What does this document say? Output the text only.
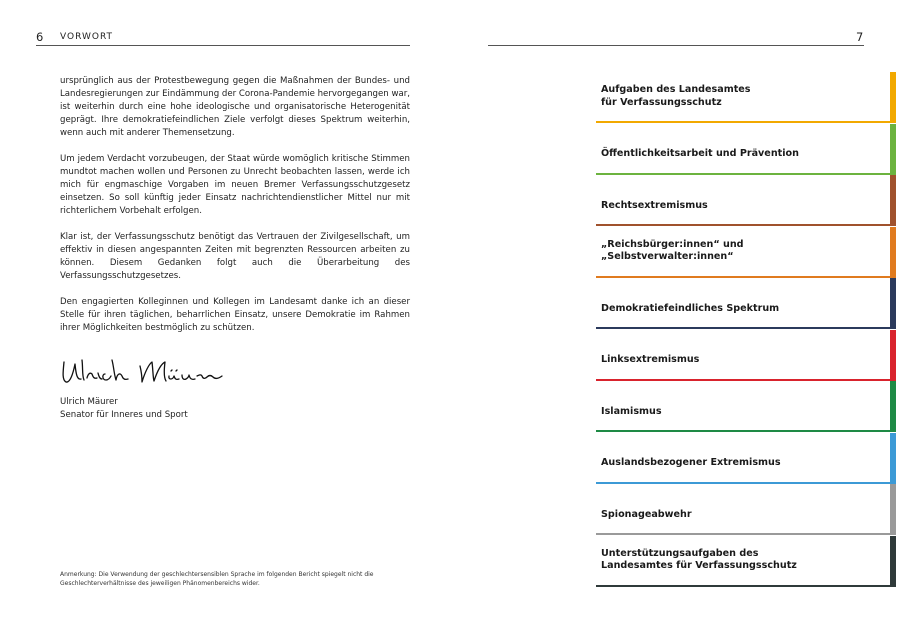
6 VORWORT	7

ursprünglich aus der Protestbewegung gegen die Maßnahmen der Bundes- und Landesregierungen zur Eindämmung der Corona-Pandemie hervorgegangen war, ist weiterhin durch eine hohe ideologische und organisatorische Heterogenität geprägt. Ihre demokratiefeindlichen Ziele verfolgt dieses Spektrum weiterhin, wenn auch mit anderer Themensetzung.

Um jedem Verdacht vorzubeugen, der Staat würde womöglich kritische Stimmen mundtot machen wollen und Personen zu Unrecht beobachten lassen, werde ich mich für engmaschige Vorgaben im neuen Bremer Verfassungsschutzgesetz einsetzen. So soll künftig jeder Einsatz nachrichtendienstlicher Mittel nur mit richterlichem Vorbehalt erfolgen.

Klar ist, der Verfassungsschutz benötigt das Vertrauen der Zivilgesellschaft, um effektiv in diesen angespannten Zeiten mit begrenzten Ressourcen arbeiten zu können. Diesem Gedanken folgt auch die Überarbeitung des Verfassungsschutzgesetzes.

Den engagierten Kolleginnen und Kollegen im Landesamt danke ich an dieser Stelle für ihren täglichen, beharrlichen Einsatz, unsere Demokratie im Rahmen ihrer Möglichkeiten bestmöglich zu schützen.

Ulrich Mäurer
Senator für Inneres und Sport
Anmerkung: Die Verwendung der geschlechtersensiblen Sprache im folgenden Bericht spiegelt nicht die Geschlechterverhältnisse des jeweiligen Phänomenbereichs wider.
Aufgaben des Landesamtes
für Verfassungsschutz
Öffentlichkeitsarbeit und Prävention
Rechtsextremismus
„Reichsbürger:innen“ und
„Selbstverwalter:innen“
Demokratiefeindliches Spektrum
Linksextremismus
Islamismus
Auslandsbezogener Extremismus
Spionageabwehr
Unterstützungsaufgaben des
Landesamtes für Verfassungsschutz
